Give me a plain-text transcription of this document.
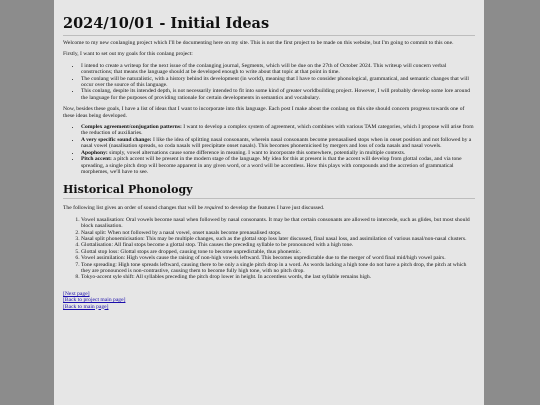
2024/10/01 - Initial Ideas

Welcome to my new conlanging project which I'll be documenting here on my site. This is not the first project to be made on this website, but I'm going to commit to this one.

Firstly, I want to set out my goals for this conlang project:

• I intend to create a writeup for the next issue of the conlanging journal, Segments, which will be due on the 27th of October 2024. This writeup will concern verbal constructions; that means the language should at be developed enough to write about that topic at that point in time.
• The conlang will be naturalistic, with a history behind its development (in world), meaning that I have to consider phonological, grammatical, and semantic changes that will occur over the source of this language.
• This conlang, despite its intended depth, is not necessarily intended to fit into some kind of greater worldbuilding project. However, I will probably develop some lore around the language for the purposes of providing rationale for certain developments in semantics and vocabulary.

Now, besides these goals, I have a list of ideas that I want to incorporate into this language. Each post I make about the conlang on this site should concern progress towards one of these ideas being developed.

• Complex agreement/conjugation patterns: I want to develop a complex system of agreement, which combines with various TAM categories, which I propose will arise from the reduction of auxiliaries.
• A very specific sound change: I like the idea of splitting nasal consonants, wherein nasal consonants become prenasalised stops when in onset position and not followed by a nasal vowel (nasalisation spreads, so coda nasals will precipitate onset nasals). This becomes phonemicised by mergers and loss of coda nasals and nasal vowels.
• Apophony: simply, vowel alternations cause some difference in meaning. I want to incorporate this somewhere, potentially in multiple contexts.
• Pitch accent: a pitch accent will be present in the modern stage of the language. My idea for this at present is that the accent will develop from glottal codas, and via tone spreading, a single pitch drop will become apparent in any given word, or a word will be accentless. How this plays with compounds and the accretion of grammatical morphemes, we'll have to see.
Historical Phonology

The following list gives an order of sound changes that will be required to develop the features I have just discussed.

1. Vowel nasalisation: Oral vowels become nasal when followed by nasal consonants. It may be that certain consonants are allowed to intercede, such as glides, but most should block nasalisation.
2. Nasal split: When not followed by a nasal vowel, onset nasals become prenasalised stops.
3. Nasal split phonemicisation: This may be multiple changes, such as the glottal stop loss later discussed, final nasal loss, and assimilation of various nasal/non-nasal clusters.
4. Glottalisation: All final stops become a glottal stop. This causes the preceding syllable to be pronounced with a high tone.
5. Glottal stop loss: Glottal stops are dropped, causing tone to become unpredictable, thus phonemic.
6. Vowel assimilation: High vowels cause the raising of non-high vowels leftward. This becomes unpredictable due to the merger of word final mid/high vowel pairs.
7. Tone spreading: High tone spreads leftward, causing there to be only a single pitch drop in a word. As words lacking a high tone do not have a pitch drop, the pitch at which they are pronounced is non-contrastive, causing them to become fully high tone, with no pitch drop.
8. Tokyo-accent syle shift: All syllables preceding the pitch drop lower in height. In accentless words, the last syllable remains high.
[Next page]
[Back to project main page]
[Back to main page]
